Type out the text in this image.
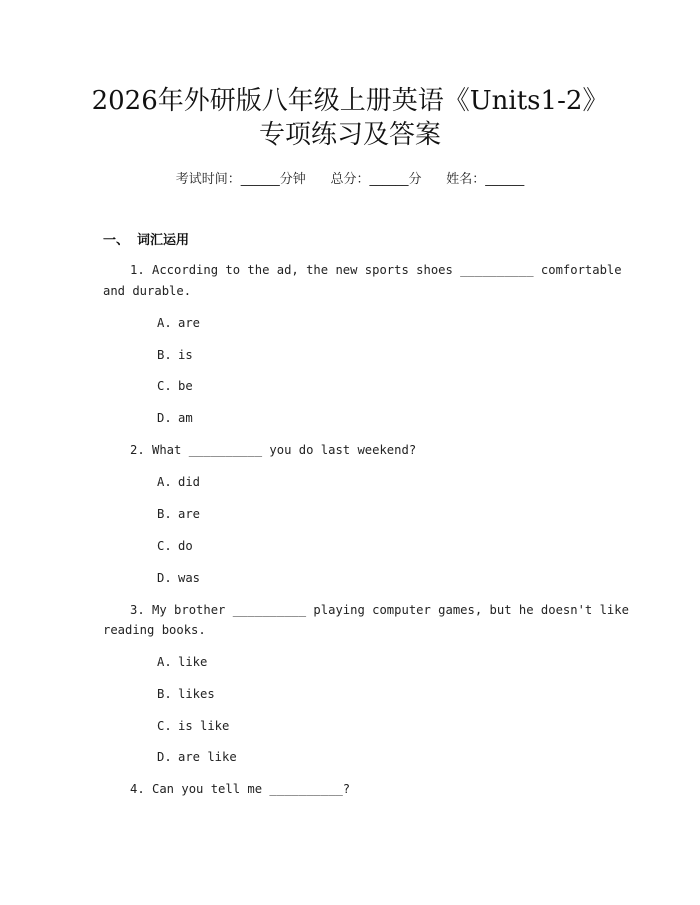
2026年外研版八年级上册英语《Units1-2》
专项练习及答案
考试时间：______分钟      总分：______分      姓名：______
一、 词汇运用
1. According to the ad, the new sports shoes __________ comfortable
and durable.
A. are
B. is
C. be
D. am
2. What __________ you do last weekend?
A. did
B. are
C. do
D. was
3. My brother __________ playing computer games, but he doesn't like
reading books.
A. like
B. likes
C. is like
D. are like
4. Can you tell me __________?
